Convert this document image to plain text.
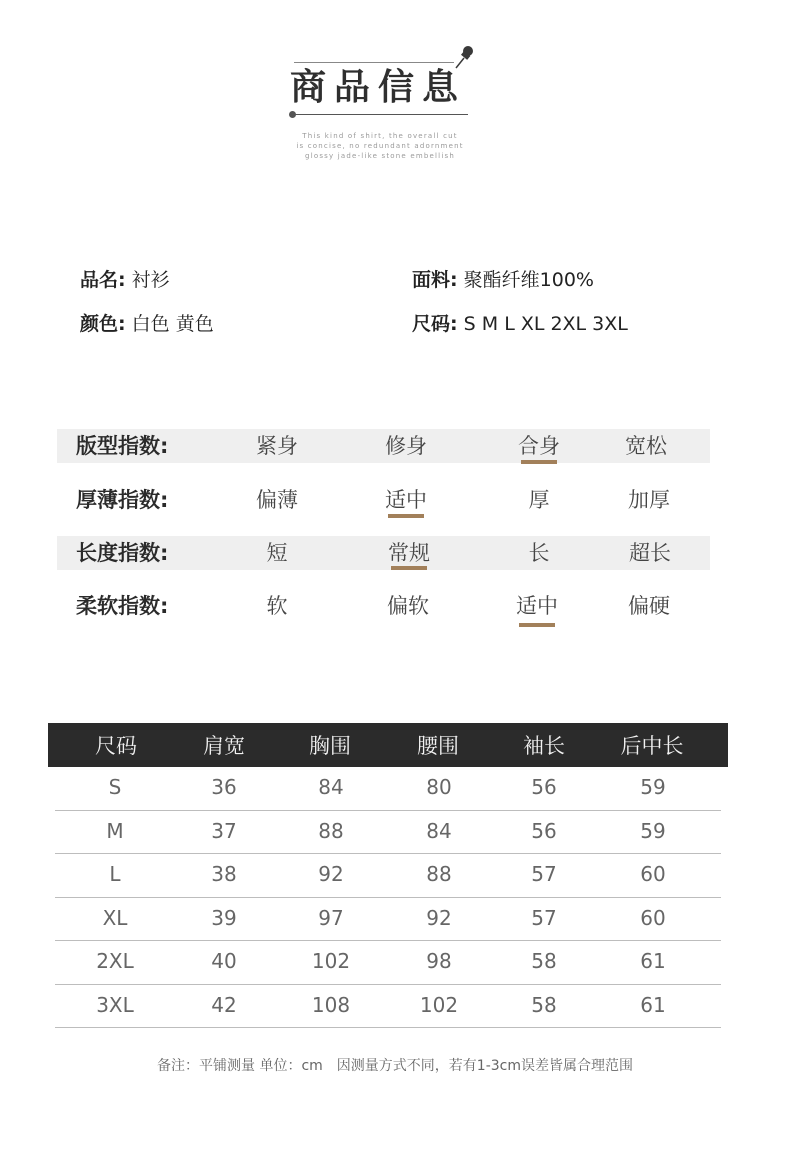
商品信息
This kind of shirt, the overall cut
is concise, no redundant adornment
glossy jade-like stone embellish
品名: 衬衫	面料: 聚酯纤维100%
颜色: 白色 黄色	尺码: S M L XL 2XL 3XL
版型指数:	紧身	修身	合身	宽松
厚薄指数:	偏薄	适中	厚	加厚
长度指数:	短	常规	长	超长
柔软指数:	软	偏软	适中	偏硬
尺码	肩宽	胸围	腰围	袖长	后中长
S	36	84	80	56	59
M	37	88	84	56	59
L	38	92	88	57	60
XL	39	97	92	57	60
2XL	40	102	98	58	61
3XL	42	108	102	58	61
备注：平铺测量 单位：cm　因测量方式不同，若有1-3cm误差皆属合理范围
